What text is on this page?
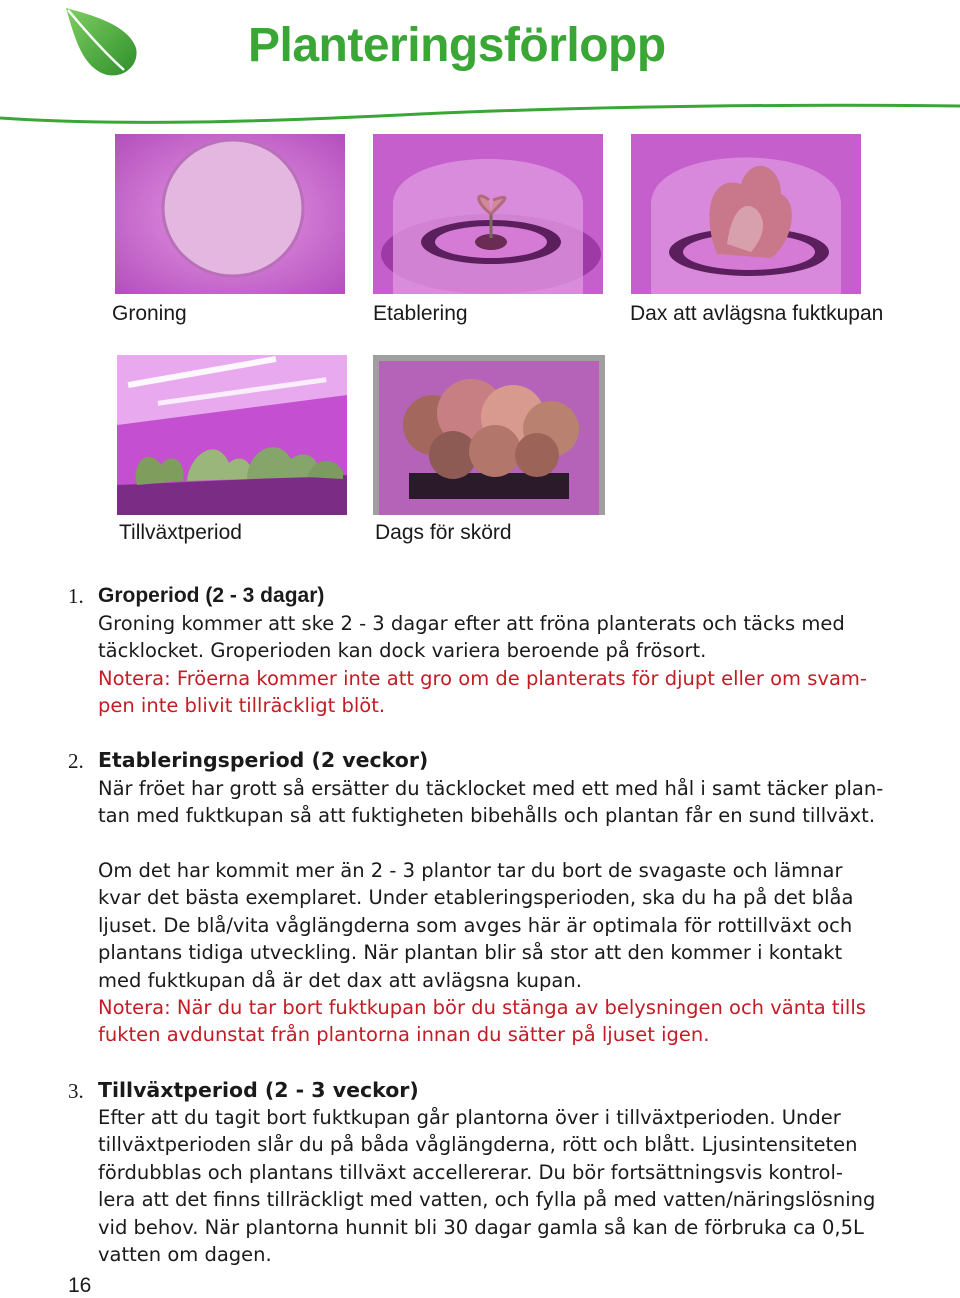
Planteringsförlopp
Groning	Etablering	Dax att avlägsna fuktkupan
Tillväxtperiod	Dags för skörd
1. Groperiod (2 - 3 dagar)
Groning kommer att ske 2 - 3 dagar efter att fröna planterats och täcks med
täcklocket. Groperioden kan dock variera beroende på frösort.
Notera: Fröerna kommer inte att gro om de planterats för djupt eller om svam-
pen inte blivit tillräckligt blöt.
2. Etableringsperiod (2 veckor)
När fröet har grott så ersätter du täcklocket med ett med hål i samt täcker plan-
tan med fuktkupan så att fuktigheten bibehålls och plantan får en sund tillväxt.
Om det har kommit mer än 2 - 3 plantor tar du bort de svagaste och lämnar
kvar det bästa exemplaret. Under etableringsperioden, ska du ha på det blåa
ljuset. De blå/vita våglängderna som avges här är optimala för rottillväxt och
plantans tidiga utveckling. När plantan blir så stor att den kommer i kontakt
med fuktkupan då är det dax att avlägsna kupan.
Notera: När du tar bort fuktkupan bör du stänga av belysningen och vänta tills
fukten avdunstat från plantorna innan du sätter på ljuset igen.
3. Tillväxtperiod (2 - 3 veckor)
Efter att du tagit bort fuktkupan går plantorna över i tillväxtperioden. Under
tillväxtperioden slår du på båda våglängderna, rött och blått. Ljusintensiteten
fördubblas och plantans tillväxt accellererar. Du bör fortsättningsvis kontrol-
lera att det finns tillräckligt med vatten, och fylla på med vatten/näringslösning
vid behov. När plantorna hunnit bli 30 dagar gamla så kan de förbruka ca 0,5L
vatten om dagen.
16
